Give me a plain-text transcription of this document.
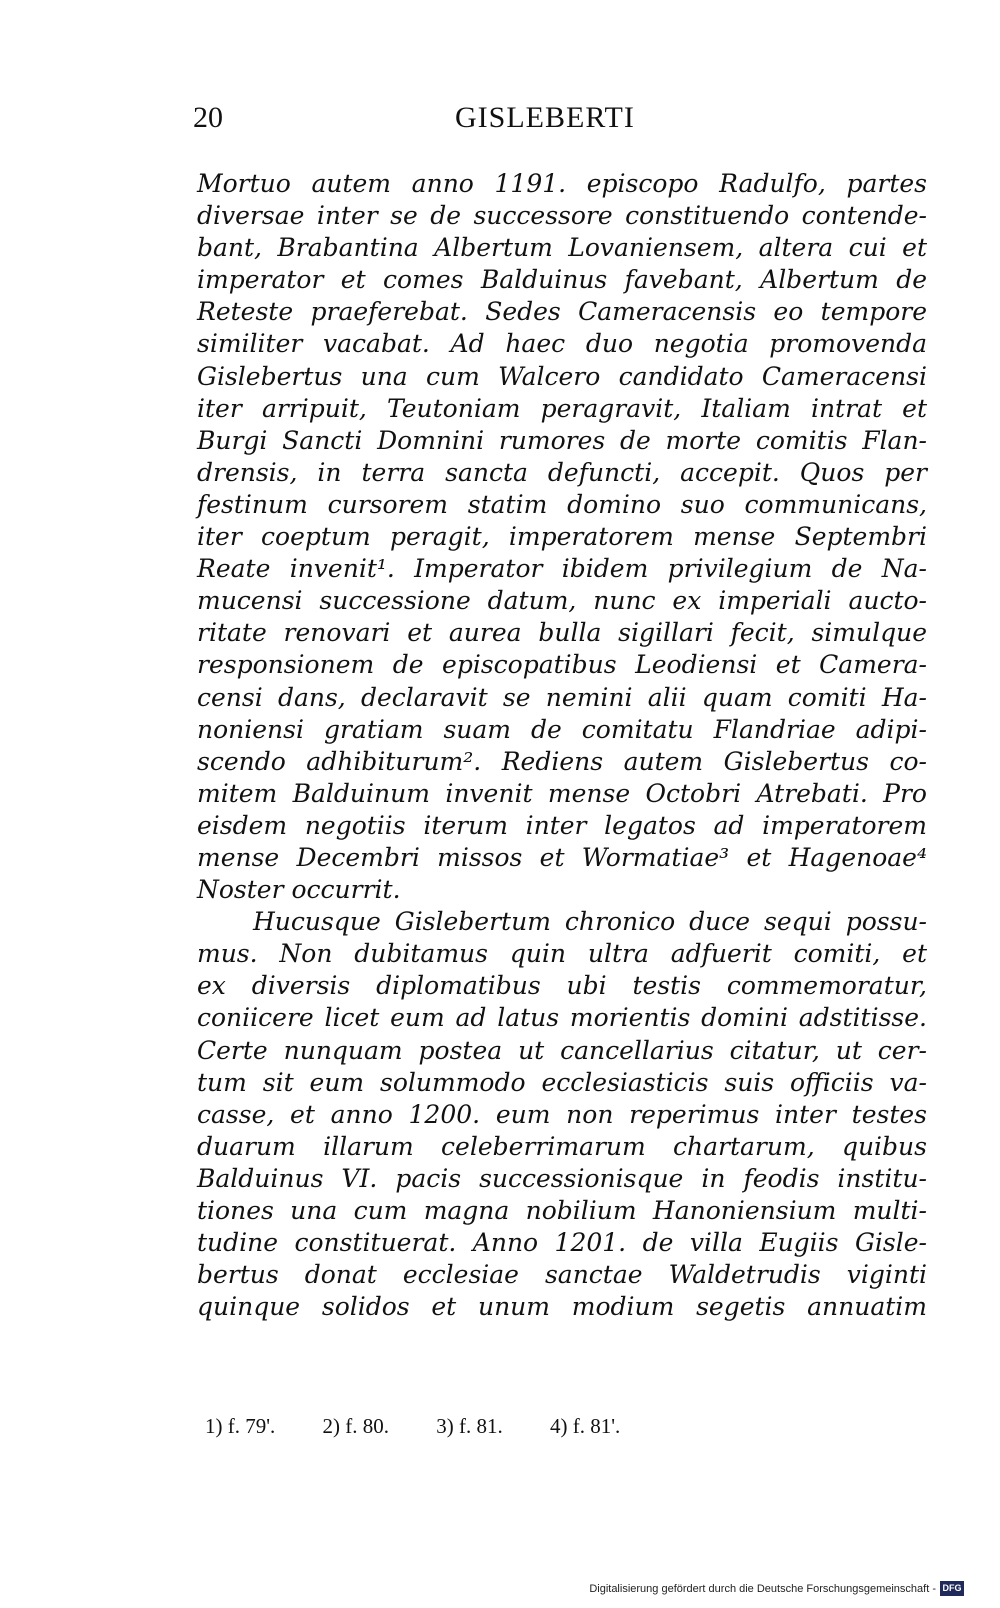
20	GISLEBERTI
Mortuo autem anno 1191. episcopo Radulfo, partes
diversae inter se de successore constituendo contende-
bant, Brabantina Albertum Lovaniensem, altera cui et
imperator et comes Balduinus favebant, Albertum de
Reteste praeferebat. Sedes Cameracensis eo tempore
similiter vacabat. Ad haec duo negotia promovenda
Gislebertus una cum Walcero candidato Cameracensi
iter arripuit, Teutoniam peragravit, Italiam intrat et
Burgi Sancti Domnini rumores de morte comitis Flan-
drensis, in terra sancta defuncti, accepit. Quos per
festinum cursorem statim domino suo communicans,
iter coeptum peragit, imperatorem mense Septembri
Reate invenit¹. Imperator ibidem privilegium de Na-
mucensi successione datum, nunc ex imperiali aucto-
ritate renovari et aurea bulla sigillari fecit, simulque
responsionem de episcopatibus Leodiensi et Camera-
censi dans, declaravit se nemini alii quam comiti Ha-
noniensi gratiam suam de comitatu Flandriae adipi-
scendo adhibiturum². Rediens autem Gislebertus co-
mitem Balduinum invenit mense Octobri Atrebati. Pro
eisdem negotiis iterum inter legatos ad imperatorem
mense Decembri missos et Wormatiae³ et Hagenoae⁴
Noster occurrit.
Hucusque Gislebertum chronico duce sequi possu-
mus. Non dubitamus quin ultra adfuerit comiti, et
ex diversis diplomatibus ubi testis commemoratur,
coniicere licet eum ad latus morientis domini adstitisse.
Certe nunquam postea ut cancellarius citatur, ut cer-
tum sit eum solummodo ecclesiasticis suis officiis va-
casse, et anno 1200. eum non reperimus inter testes
duarum illarum celeberrimarum chartarum, quibus
Balduinus VI. pacis successionisque in feodis institu-
tiones una cum magna nobilium Hanoniensium multi-
tudine constituerat. Anno 1201. de villa Eugiis Gisle-
bertus donat ecclesiae sanctae Waldetrudis viginti
quinque solidos et unum modium segetis annuatim
1) f. 79'. 2) f. 80. 3) f. 81. 4) f. 81'.
Digitalisierung gefördert durch die Deutsche Forschungsgemeinschaft - DFG
